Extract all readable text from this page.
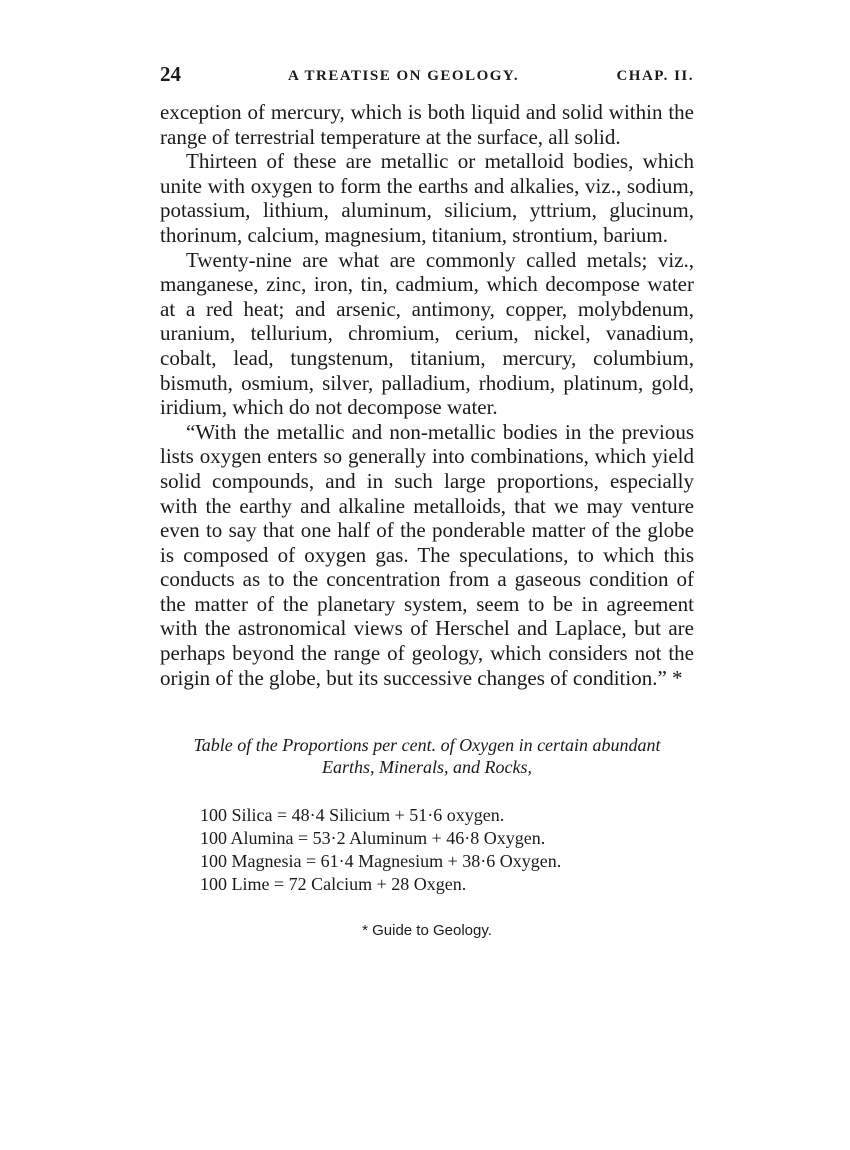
24	A TREATISE ON GEOLOGY.	CHAP. II.

exception of mercury, which is both liquid and solid within the range of terrestrial temperature at the surface, all solid.

Thirteen of these are metallic or metalloid bodies, which unite with oxygen to form the earths and alkalies, viz., sodium, potassium, lithium, aluminum, silicium, yttrium, glucinum, thorinum, calcium, magnesium, titanium, strontium, barium.

Twenty-nine are what are commonly called metals; viz., manganese, zinc, iron, tin, cadmium, which decompose water at a red heat; and arsenic, antimony, copper, molybdenum, uranium, tellurium, chromium, cerium, nickel, vanadium, cobalt, lead, tungstenum, titanium, mercury, columbium, bismuth, osmium, silver, palladium, rhodium, platinum, gold, iridium, which do not decompose water.

“With the metallic and non-metallic bodies in the previous lists oxygen enters so generally into combinations, which yield solid compounds, and in such large proportions, especially with the earthy and alkaline metalloids, that we may venture even to say that one half of the ponderable matter of the globe is composed of oxygen gas. The speculations, to which this conducts as to the concentration from a gaseous condition of the matter of the planetary system, seem to be in agreement with the astronomical views of Herschel and Laplace, but are perhaps beyond the range of geology, which considers not the origin of the globe, but its successive changes of condition.” *

Table of the Proportions per cent. of Oxygen in certain abundant
Earths, Minerals, and Rocks,
100 Silica = 48·4 Silicium + 51·6 oxygen.
100 Alumina = 53·2 Aluminum + 46·8 Oxygen.
100 Magnesia = 61·4 Magnesium + 38·6 Oxygen.
100 Lime = 72 Calcium + 28 Oxgen.
* Guide to Geology.
